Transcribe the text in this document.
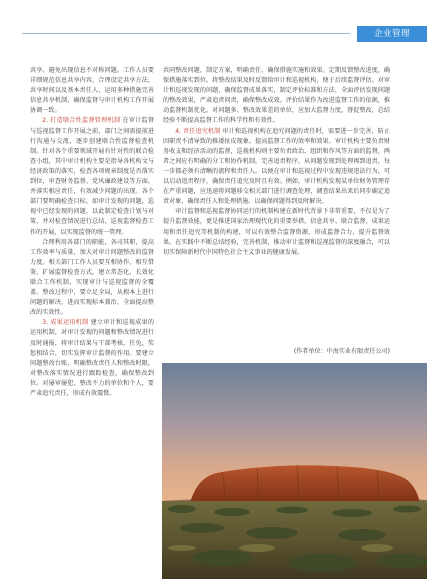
企业管理

共享、避免出现信息不对称问题。工作人员要详细规范信息共享内容，合理设定共享方法，共享时间以及基本责任人，运用多种措施完善信息共享机制，确保监督与审计机构工作开展协调一致。

2. 打造联合性监督管理机制 在审计监督与巡视监督工作开展之前，部门之间需提前进行沟通与交流，逐步创建联合性监督检查机制。针对各个重要领域开展有针对性的联合检查小组，其中审计机构主要是指导各机构文与经济政策的落实，检查各项规章制度是否落实到位，审查财务监督、党风廉政建设等方面，并落实相应责任，有效减少问题的出现。各个部门要明确检查目标，如审计发现的问题，巡视中已经发现的问题，以此制定检查计划与对策，并对检查情况进行总结，巡视监督检查工作的开展，以实现监督的统一管理。

合理利用各部门的职能，各司其职，提高工作效率与质量，加大对审计问题整改的监督力度。相关部门工作人员要互相协作，相互借鉴，扩展监督检查方式，建立常态化、长效化联合工作机制，实现审计与巡视监督的全覆盖。整改过程中，要立足全局，从根本上进行问题的解决，进而实现标本兼治，全面提高整改的实效性。

3. 成果运用机制 建立审计和巡视成果的运用机制，对审计发现的问题和整改情况进行及时通报，将审计结果与干部考核、任免、奖惩相结合，切实发挥审计监督的作用。要建立问题整改台账，明确整改责任人和整改时限，对整改落实情况进行跟踪检查，确保整改到位。对屡审屡犯、整改不力的单位和个人，要严肃追究责任，形成有效震慑。

共同整改问题，制定方案，明确责任，确保措施实施和效果。定期反馈整改进度，确保措施落实到位。将整改结果及时反馈给审计和巡视机构，便于后续监督评估。对审计和巡视发现的问题，确保监督成果落实，制定评价标准和方法，全面评估发现问题的整改效果，严肃追责问责，确保整改成效。评价结果作为改进监督工作的依据，推动监督机制优化。对问题多、整改效果差的单位，应加大监督力度，督促整改，总结经验不断提高监督工作的科学性和有效性。

4. 责任追究机制 审计和巡视机构在追究问题的责任时，需要进一步完善，防止因职责不清导致的推诿扯皮现象。提高监督工作的效率和效果。审计机构主要负责财务收支和经济活动的监督，巡视机构则主要负责政治、组织和作风等方面的监督，两者之间应有明确的分工和协作机制，完善追责程序，从问题发现到处理再到追责，每一步都必须有清晰的流程和责任人。以便在审计和巡视过程中发现违规违法行为，可以启动追责程序，确保责任追究及时且有效。例如，审计机构发现某单位财务管理存在严重问题，应迅速将问题移交相关部门进行调查处理，调查结果出来后同步确定追责对象，确保责任人和处理措施。以确保问题得到及时解决。

审计监督和巡视监督协同运行的机制构建在新时代背景下非常重要，不仅是为了提升监督效能，更是推进国家治理现代化的重要举措。信息共享、联合监督、成果运用和责任追究等机制的构建，可以有效整合监督资源，形成监督合力，提升监督效果。在实践中不断总结经验，完善机制，推动审计监督和巡视监督的深度融合，可以切实保障新时代中国特色社会主义事业的健康发展。

(作者单位：中海实业有限责任公司)
